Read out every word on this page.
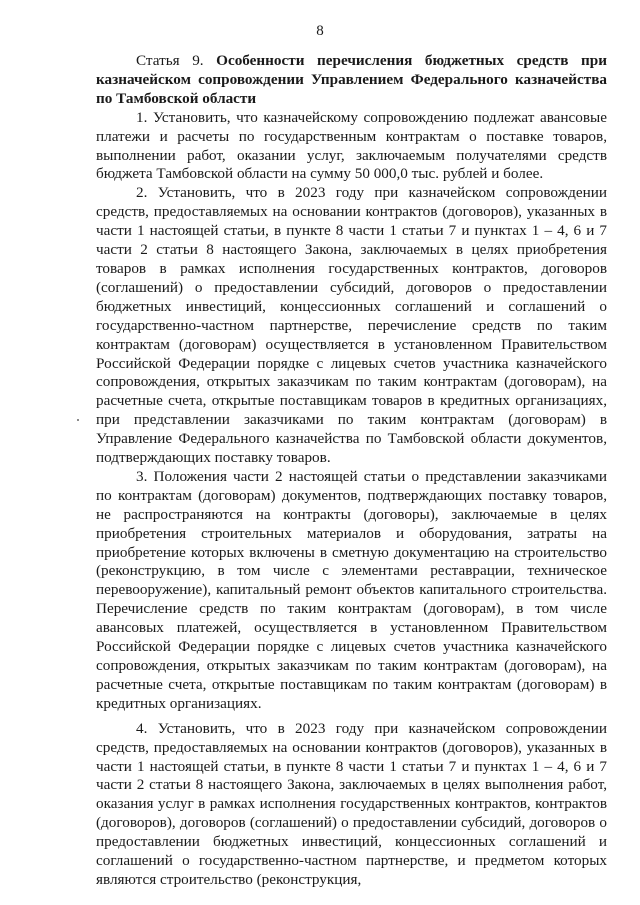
8

Статья 9. Особенности перечисления бюджетных средств при казначейском сопровождении Управлением Федерального казначейства по Тамбовской области

1. Установить, что казначейскому сопровождению подлежат авансовые платежи и расчеты по государственным контрактам о поставке товаров, выполнении работ, оказании услуг, заключаемым получателями средств бюджета Тамбовской области на сумму 50 000,0 тыс. рублей и более.

2. Установить, что в 2023 году при казначейском сопровождении средств, предоставляемых на основании контрактов (договоров), указанных в части 1 настоящей статьи, в пункте 8 части 1 статьи 7 и пунктах 1 – 4, 6 и 7 части 2 статьи 8 настоящего Закона, заключаемых в целях приобретения товаров в рамках исполнения государственных контрактов, договоров (соглашений) о предоставлении субсидий, договоров о предоставлении бюджетных инвестиций, концессионных соглашений и соглашений о государственно-частном партнерстве, перечисление средств по таким контрактам (договорам) осуществляется в установленном Правительством Российской Федерации порядке с лицевых счетов участника казначейского сопровождения, открытых заказчикам по таким контрактам (договорам), на расчетные счета, открытые поставщикам товаров в кредитных организациях, при представлении заказчиками по таким контрактам (договорам) в Управление Федерального казначейства по Тамбовской области документов, подтверждающих поставку товаров.

3. Положения части 2 настоящей статьи о представлении заказчиками по контрактам (договорам) документов, подтверждающих поставку товаров, не распространяются на контракты (договоры), заключаемые в целях приобретения строительных материалов и оборудования, затраты на приобретение которых включены в сметную документацию на строительство (реконструкцию, в том числе с элементами реставрации, техническое перевооружение), капитальный ремонт объектов капитального строительства. Перечисление средств по таким контрактам (договорам), в том числе авансовых платежей, осуществляется в установленном Правительством Российской Федерации порядке с лицевых счетов участника казначейского сопровождения, открытых заказчикам по таким контрактам (договорам), на расчетные счета, открытые поставщикам по таким контрактам (договорам) в кредитных организациях.

4. Установить, что в 2023 году при казначейском сопровождении средств, предоставляемых на основании контрактов (договоров), указанных в части 1 настоящей статьи, в пункте 8 части 1 статьи 7 и пунктах 1 – 4, 6 и 7 части 2 статьи 8 настоящего Закона, заключаемых в целях выполнения работ, оказания услуг в рамках исполнения государственных контрактов, контрактов (договоров), договоров (соглашений) о предоставлении субсидий, договоров о предоставлении бюджетных инвестиций, концессионных соглашений и соглашений о государственно-частном партнерстве, и предметом которых являются строительство (реконструкция,
